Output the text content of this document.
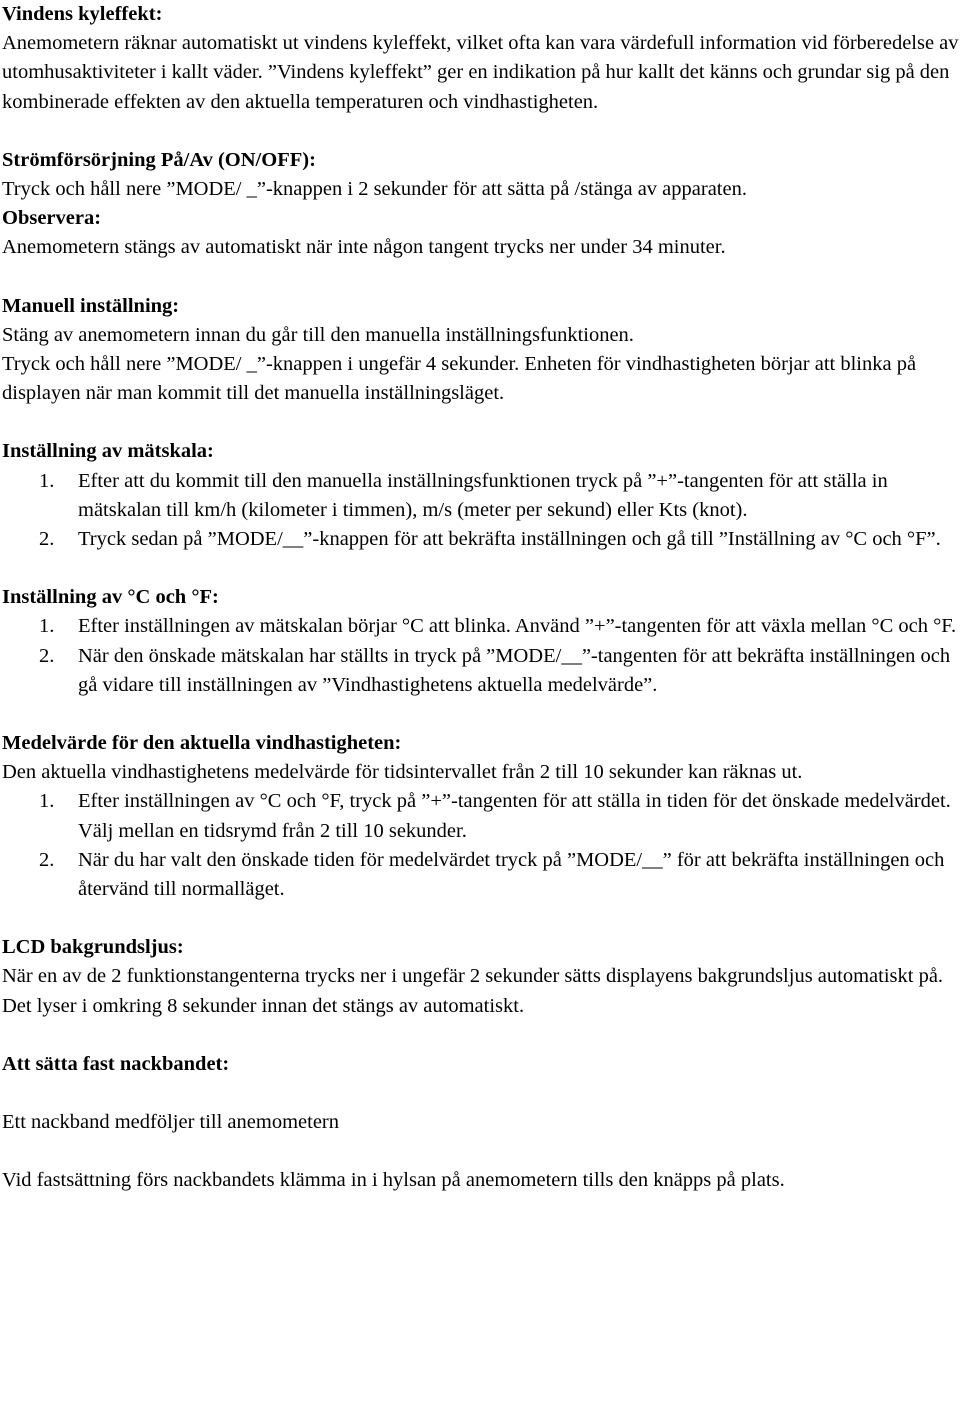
Vindens kyleffekt:
Anemometern räknar automatiskt ut vindens kyleffekt, vilket ofta kan vara värdefull information vid förberedelse av utomhusaktiviteter i kallt väder. ”Vindens kyleffekt” ger en indikation på hur kallt det känns och grundar sig på den kombinerade effekten av den aktuella temperaturen och vindhastigheten.
Strömförsörjning På/Av (ON/OFF):
Tryck och håll nere ”MODE/ _”-knappen i 2 sekunder för att sätta på /stänga av apparaten.
Observera:
Anemometern stängs av automatiskt när inte någon tangent trycks ner under 34 minuter.
Manuell inställning:
Stäng av anemometern innan du går till den manuella inställningsfunktionen.
Tryck och håll nere ”MODE/ _”-knappen i ungefär 4 sekunder. Enheten för vindhastigheten börjar att blinka på displayen när man kommit till det manuella inställningsläget.
Inställning av mätskala:
1. Efter att du kommit till den manuella inställningsfunktionen tryck på ”+”-tangenten för att ställa in mätskalan till km/h (kilometer i timmen), m/s (meter per sekund) eller Kts (knot).
2. Tryck sedan på ”MODE/__”-knappen för att bekräfta inställningen och gå till ”Inställning av °C och °F”.
Inställning av °C och °F:
1. Efter inställningen av mätskalan börjar °C att blinka. Använd ”+”-tangenten för att växla mellan °C och °F.
2. När den önskade mätskalan har ställts in tryck på ”MODE/__”-tangenten för att bekräfta inställningen och gå vidare till inställningen av ”Vindhastighetens aktuella medelvärde”.
Medelvärde för den aktuella vindhastigheten:
Den aktuella vindhastighetens medelvärde för tidsintervallet från 2 till 10 sekunder kan räknas ut.
1. Efter inställningen av °C och °F, tryck på ”+”-tangenten för att ställa in tiden för det önskade medelvärdet. Välj mellan en tidsrymd från 2 till 10 sekunder.
2. När du har valt den önskade tiden för medelvärdet tryck på ”MODE/__” för att bekräfta inställningen och återvänd till normalläget.
LCD bakgrundsljus:
När en av de 2 funktionstangenterna trycks ner i ungefär 2 sekunder sätts displayens bakgrundsljus automatiskt på. Det lyser i omkring 8 sekunder innan det stängs av automatiskt.
Att sätta fast nackbandet:
Ett nackband medföljer till anemometern
Vid fastsättning förs nackbandets klämma in i hylsan på anemometern tills den knäpps på plats.
